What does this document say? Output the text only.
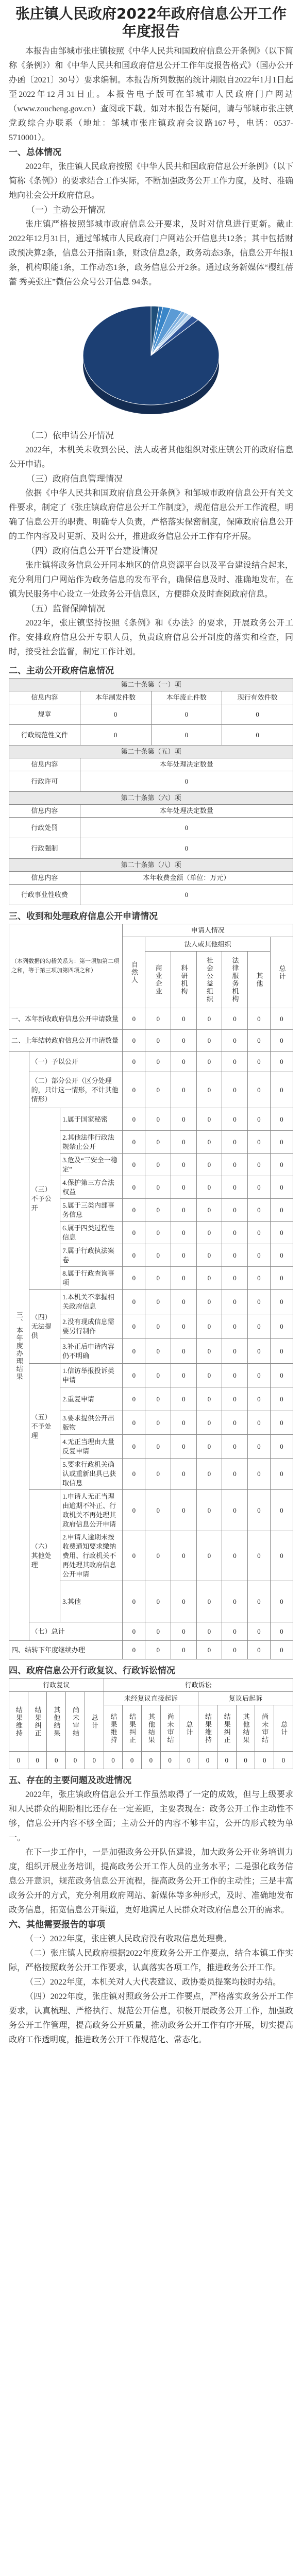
张庄镇人民政府2022年政府信息公开工作年度报告

本报告由邹城市张庄镇按照《中华人民共和国政府信息公开条例》（以下简称《条例》）和《中华人民共和国政府信息公开工作年度报告格式》（国办公开办函〔2021〕30号）要求编制。本报告所列数据的统计期限自2022年1月1日起至2022年12月31日止。本报告电子版可在邹城市人民政府门户网站（www.zoucheng.gov.cn）查阅或下载。如对本报告有疑问，请与邹城市张庄镇党政综合办联系（地址：邹城市张庄镇政府会议路167号，电话：0537-5710001）。

一、总体情况

2022年，张庄镇人民政府按照《中华人民共和国政府信息公开条例》（以下简称《条例》）的要求结合工作实际，不断加强政务公开工作力度，及时、准确地向社会公开政府信息。

（一）主动公开情况

张庄镇严格按照邹城市政府信息公开要求，及时对信息进行更新。截止2022年12月31日，通过邹城市人民政府门户网站公开信息共12条；其中包括财政预决算2条，信息公开指南1条，财政信息2条，政务动态3条，信息公开年报1条，机构职能1条，工作动态1条，政务信息公开2条。通过政务新媒体“樱红蓓蕾 秀美张庄”微信公众号公开信息 94条。

（二）依申请公开情况

2022年，本机关未收到公民、法人或者其他组织对张庄镇公开的政府信息公开申请。

（三）政府信息管理情况

依据《中华人民共和国政府信息公开条例》和邹城市政府信息公开有关文件要求，制定了《张庄镇政府信息公开工作制度》，规范信息公开工作流程，明确了信息公开的职责、明确专人负责，严格落实保密制度，保障政府信息公开的工作内容及时更新、及时公开，推进政务信息公开工作有序开展。

（四）政府信息公开平台建设情况

张庄镇将政务信息公开同本地区的信息资源平台以及平台建设结合起来，充分利用门户网站作为政务信息的发布平台，确保信息及时、准确地发布，在镇为民服务中心设立一处政务公开信息区，方便群众及时查阅政府信息。

（五）监督保障情况

2022年，张庄镇坚持按照《条例》和《办法》的要求，开展政务公开工作。安排政府信息公开专职人员，负责政府信息公开制度的落实和检查，同时，接受社会监督，制定工作计划。

二、主动公开政府信息情况

第二十条第（一）项			
信息内容	本年制发件数	本年废止件数	现行有效件数
规章	0	0	0
行政规范性文件	0	0	0
第二十条第（五）项			
信息内容	本年处理决定数量		
行政许可	0		
第二十条第（六）项			
信息内容	本年处理决定数量		
行政处罚	0		
行政强制	0		
第二十条第（八）项			
信息内容	本年收费金额（单位：万元）		
行政事业性收费	0		

三、收到和处理政府信息公开申请情况

（本列数据的勾稽关系为：第一项加第二项之和，等于第三项加第四项之和）			申请人情况						
			自然人	法人或其他组织					总计
				商业企业	科研机构	社会公益组织	法律服务机构	其他	
一、本年新收政府信息公开申请数量			0	0	0	0	0	0	0
二、上年结转政府信息公开申请数量			0	0	0	0	0	0	0
三、本年度办理结果	（一）予以公开		0	0	0	0	0	0	0
	（二）部分公开（区分处理的，只计这一情形，不计其他情形）		0	0	0	0	0	0	0
	（三）不予公开	1.属于国家秘密	0	0	0	0	0	0	0
		2.其他法律行政法规禁止公开	0	0	0	0	0	0	0
		3.危及“三安全一稳定”	0	0	0	0	0	0	0
		4.保护第三方合法权益	0	0	0	0	0	0	0
		5.属于三类内部事务信息	0	0	0	0	0	0	0
		6.属于四类过程性信息	0	0	0	0	0	0	0
		7.属于行政执法案卷	0	0	0	0	0	0	0
		8.属于行政查询事项	0	0	0	0	0	0	0
	（四）无法提供	1.本机关不掌握相关政府信息	0	0	0	0	0	0	0
		2.没有现成信息需要另行制作	0	0	0	0	0	0	0
		3.补正后申请内容仍不明确	0	0	0	0	0	0	0
	（五）不予处理	1.信访举报投诉类申请	0	0	0	0	0	0	0
		2.重复申请	0	0	0	0	0	0	0
		3.要求提供公开出版物	0	0	0	0	0	0	0
		4.无正当理由大量反复申请	0	0	0	0	0	0	0
		5.要求行政机关确认或重新出具已获取信息	0	0	0	0	0	0	0
	（六）其他处理	1.申请人无正当理由逾期不补正、行政机关不再处理其政府信息公开申请	0	0	0	0	0	0	0
		2.申请人逾期未按收费通知要求缴纳费用、行政机关不再处理其政府信息公开申请	0	0	0	0	0	0	0
		3.其他	0	0	0	0	0	0	0
	（七）总计		0	0	0	0	0	0	0
四、结转下年度继续办理			0	0	0	0	0	0	0

四、政府信息公开行政复议、行政诉讼情况

行政复议					行政诉讼									
结果维持	结果纠正	其他结果	尚未审结	总计	未经复议直接起诉					复议后起诉				
					结果维持	结果纠正	其他结果	尚未审结	总计	结果维持	结果纠正	其他结果	尚未审结	总计
0	0	0	0	0	0	0	0	0	0	0	0	0	0	0

五、存在的主要问题及改进情况

2022年，张庄镇政府信息公开工作虽然取得了一定的成效，但与上级要求和人民群众的期盼相比还存在一定差距，主要表现在：政务公开工作主动性不够，信息公开内容不够全面；主动公开的内容不够丰富，公开的形式较为单一。

在下一步工作中，一是加强政务公开队伍建设，加大政务公开业务培训力度，组织开展业务培训，提高政务公开工作人员的业务水平；二是强化政务信息公开意识，规范政务信息公开流程，提高政务公开工作的主动性；三是丰富政务公开的方式，充分利用政府网站、新媒体等多种形式，及时、准确地发布政务信息，拓宽信息公开渠道，更好地满足人民群众对政府信息公开的需求。

六、其他需要报告的事项

（一）2022年度，张庄镇人民政府没有收取信息处理费。

（二）张庄镇人民政府根据2022年度政务公开工作要点，结合本镇工作实际，严格按照政务公开工作要求，认真落实各项工作，推进政务公开工作。

（三）2022年度，本机关对人大代表建议、政协委员提案均按时办结。

（四）2022年度，张庄镇对照政务公开工作要点，严格落实政务公开工作要求，认真梳理、严格执行、规范公开信息，积极开展政务公开工作，加强政务公开工作管理，提高政务公开质量，推动政务公开工作有序开展，切实提高政府工作透明度，推进政务公开工作规范化、常态化。
